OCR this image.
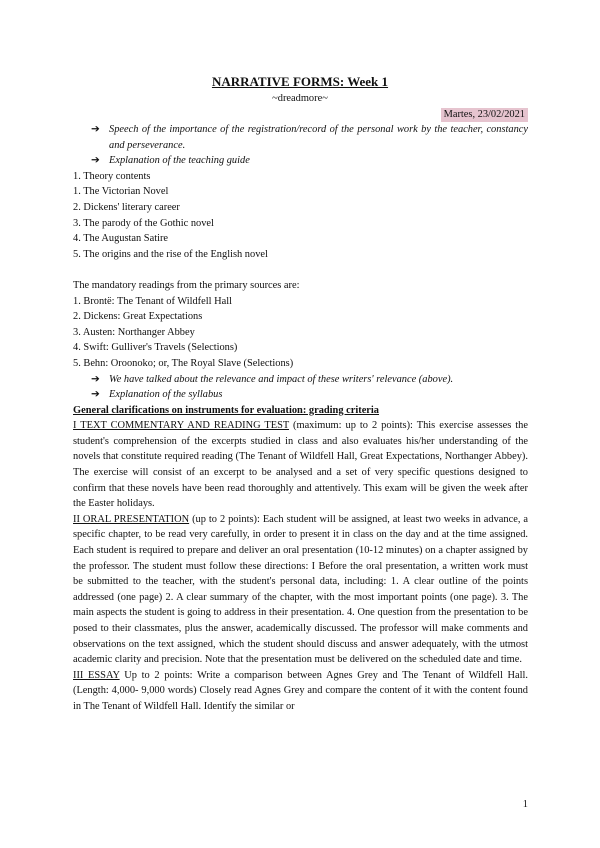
NARRATIVE FORMS: Week 1
~dreadmore~
Martes, 23/02/2021
➔ Speech of the importance of the registration/record of the personal work by the teacher, constancy and perseverance.
➔ Explanation of the teaching guide
1. Theory contents
1. The Victorian Novel
2. Dickens' literary career
3. The parody of the Gothic novel
4. The Augustan Satire
5. The origins and the rise of the English novel
The mandatory readings from the primary sources are:
1. Brontë: The Tenant of Wildfell Hall
2. Dickens: Great Expectations
3. Austen: Northanger Abbey
4. Swift: Gulliver's Travels (Selections)
5. Behn: Oroonoko; or, The Royal Slave (Selections)
➔ We have talked about the relevance and impact of these writers' relevance (above).
➔ Explanation of the syllabus
General clarifications on instruments for evaluation: grading criteria
I TEXT COMMENTARY AND READING TEST (maximum: up to 2 points): This exercise assesses the student's comprehension of the excerpts studied in class and also evaluates his/her understanding of the novels that constitute required reading (The Tenant of Wildfell Hall, Great Expectations, Northanger Abbey). The exercise will consist of an excerpt to be analysed and a set of very specific questions designed to confirm that these novels have been read thoroughly and attentively. This exam will be given the week after the Easter holidays.
II ORAL PRESENTATION (up to 2 points): Each student will be assigned, at least two weeks in advance, a specific chapter, to be read very carefully, in order to present it in class on the day and at the time assigned. Each student is required to prepare and deliver an oral presentation (10-12 minutes) on a chapter assigned by the professor. The student must follow these directions: I Before the oral presentation, a written work must be submitted to the teacher, with the student's personal data, including: 1. A clear outline of the points addressed (one page) 2. A clear summary of the chapter, with the most important points (one page). 3. The main aspects the student is going to address in their presentation. 4. One question from the presentation to be posed to their classmates, plus the answer, academically discussed. The professor will make comments and observations on the text assigned, which the student should discuss and answer adequately, with the utmost academic clarity and precision. Note that the presentation must be delivered on the scheduled date and time.
III ESSAY Up to 2 points: Write a comparison between Agnes Grey and The Tenant of Wildfell Hall. (Length: 4,000- 9,000 words) Closely read Agnes Grey and compare the content of it with the content found in The Tenant of Wildfell Hall. Identify the similar or
1
